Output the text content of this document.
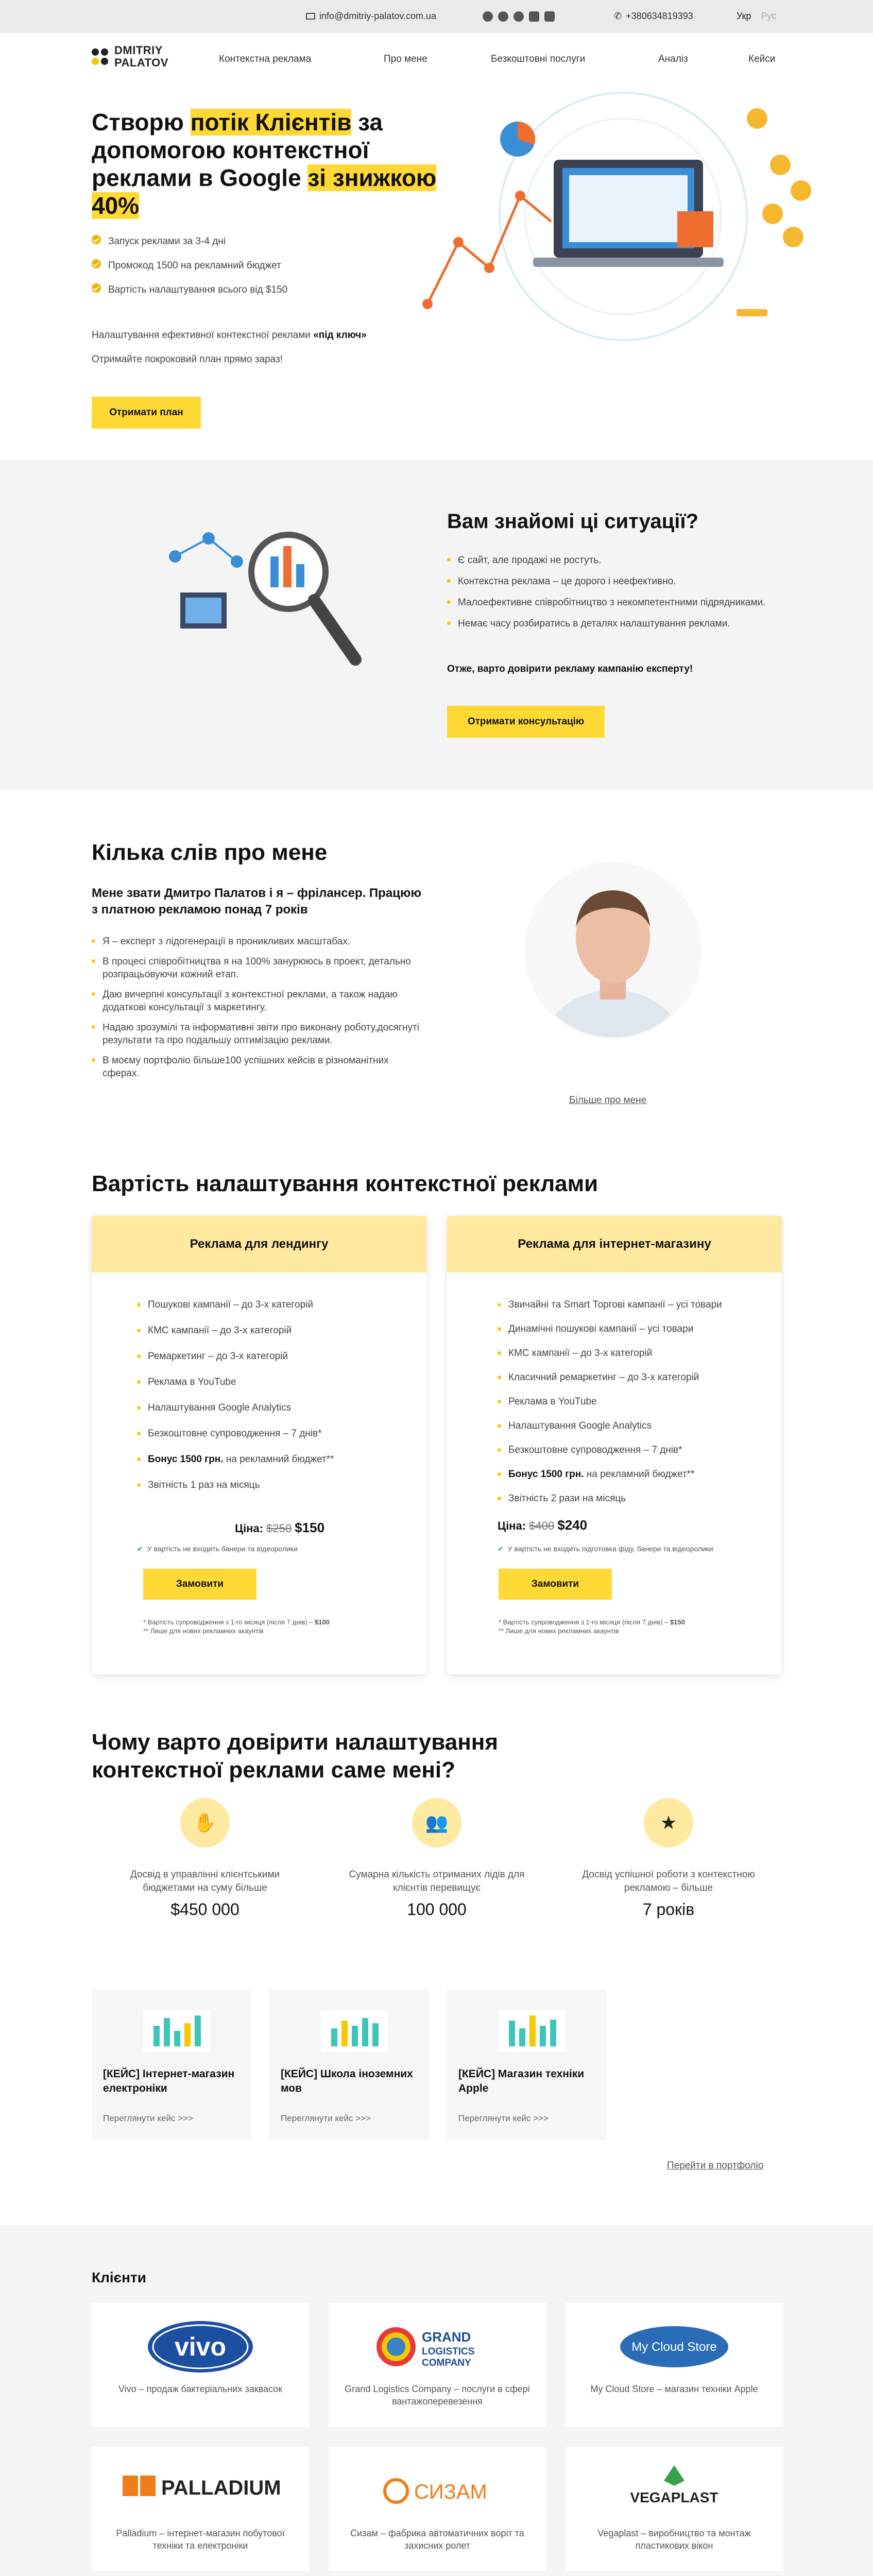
info@dmitriy-palatov.com.ua	✆ +380634819393	Укр Рус
DMITRIY
PALATOV	Контекстна реклама	Про мене	Безкоштовні послуги	Аналіз	Кейси
Створю потік Клієнтів за допомогою контекстної реклами в Google зі знижкою 40%
Запуск реклами за 3-4 дні
Промокод 1500 на рекламний бюджет
Вартість налаштування всього від $150
Налаштування ефективної контекстної реклами «під ключ»
Отримайте покроковий план прямо зараз!
Отримати план
Вам знайомі ці ситуації?
Є сайт, але продажі не ростуть.
Контекстна реклама – це дорого і неефективно.
Малоефективне співробітництво з некомпетентними підрядниками.
Немає часу розбиратись в деталях налаштування реклами.
Отже, варто довірити рекламу кампанію експерту!
Отримати консультацію
Кілька слів про мене
Мене звати Дмитро Палатов і я – фрілансер. Працюю з платною рекламою понад 7 років
Я – експерт з лідогенерації в проникливих масштабах.
В процесі співробітництва я на 100% занурююсь в проект, детально розпрацьовуючи кожний етап.
Даю вичерпні консультації з контекстної реклами, а також надаю додаткові консультації з маркетингу.
Надаю зрозумілі та інформативні звіти про виконану роботу,досягнуті результати та про подальшу оптимізацію реклами.
В моєму портфоліо більше100 успішних кейсів в різноманітних сферах.
Більше про мене
Вартість налаштування контекстної реклами
Реклама для лендингу
Пошукові кампанії – до 3-х категорій
КМС кампанії – до 3-х категорій
Ремаркетинг – до 3-х категорій
Реклама в YouTube
Налаштування Google Analytics
Безкоштовне супроводження – 7 днів*
Бонус 1500 грн. на рекламний бюджет**
Звітність 1 раз на місяць
Ціна: $250 $150
✔ У вартість не входить банери та відеоролики
Замовити
* Вартість супроводження з 1-го місяця (після 7 днів) – $100
** Лише для нових рекламних акаунтів
Реклама для інтернет-магазину
Звичайні та Smart Торгові кампанії – усі товари
Динамічні пошукові кампанії – усі товари
КМС кампанії – до 3-х категорій
Класичний ремаркетинг – до 3-х категорій
Реклама в YouTube
Налаштування Google Analytics
Безкоштовне супроводження – 7 днів*
Бонус 1500 грн. на рекламний бюджет**
Звітність 2 рази на місяць
Ціна: $400 $240
✔ У вартість не входить підготовка фіду, банери та відеоролики
Замовити
* Вартість супроводження з 1-го місяця (після 7 днів) – $150
** Лише для нових рекламних акаунтів
Чому варто довірити налаштування контекстної реклами саме мені?
✋
Досвід в управлінні клієнтськими бюджетами на суму більше
$450 000
👥
Сумарна кількість отриманих лідів для клієнтів перевищує
100 000
★
Досвід успішної роботи з контекстною рекламою – більше
7 років
[КЕЙС] Інтернет-магазин електроніки
Переглянути кейс >>>
[КЕЙС] Школа іноземних мов
Переглянути кейс >>>
[КЕЙС] Магазин техніки Apple
Переглянути кейс >>>
Перейти в портфоліо
Клієнти
vivo
Vivo – продаж бактеріальних заквасок
GRAND
LOGISTICS
COMPANY
Grand Logistics Company – послуги в сфері вантажоперевезення
My Cloud Store
My Cloud Store – магазин техніки Apple
PALLADIUM
Palladium – інтернет-магазин побутової техніки та електроніки
СИЗАМ
Сизам – фабрика автоматичних воріт та захисних ролет
VEGAPLAST
Vegaplast – виробництво та монтаж пластикових вікон
